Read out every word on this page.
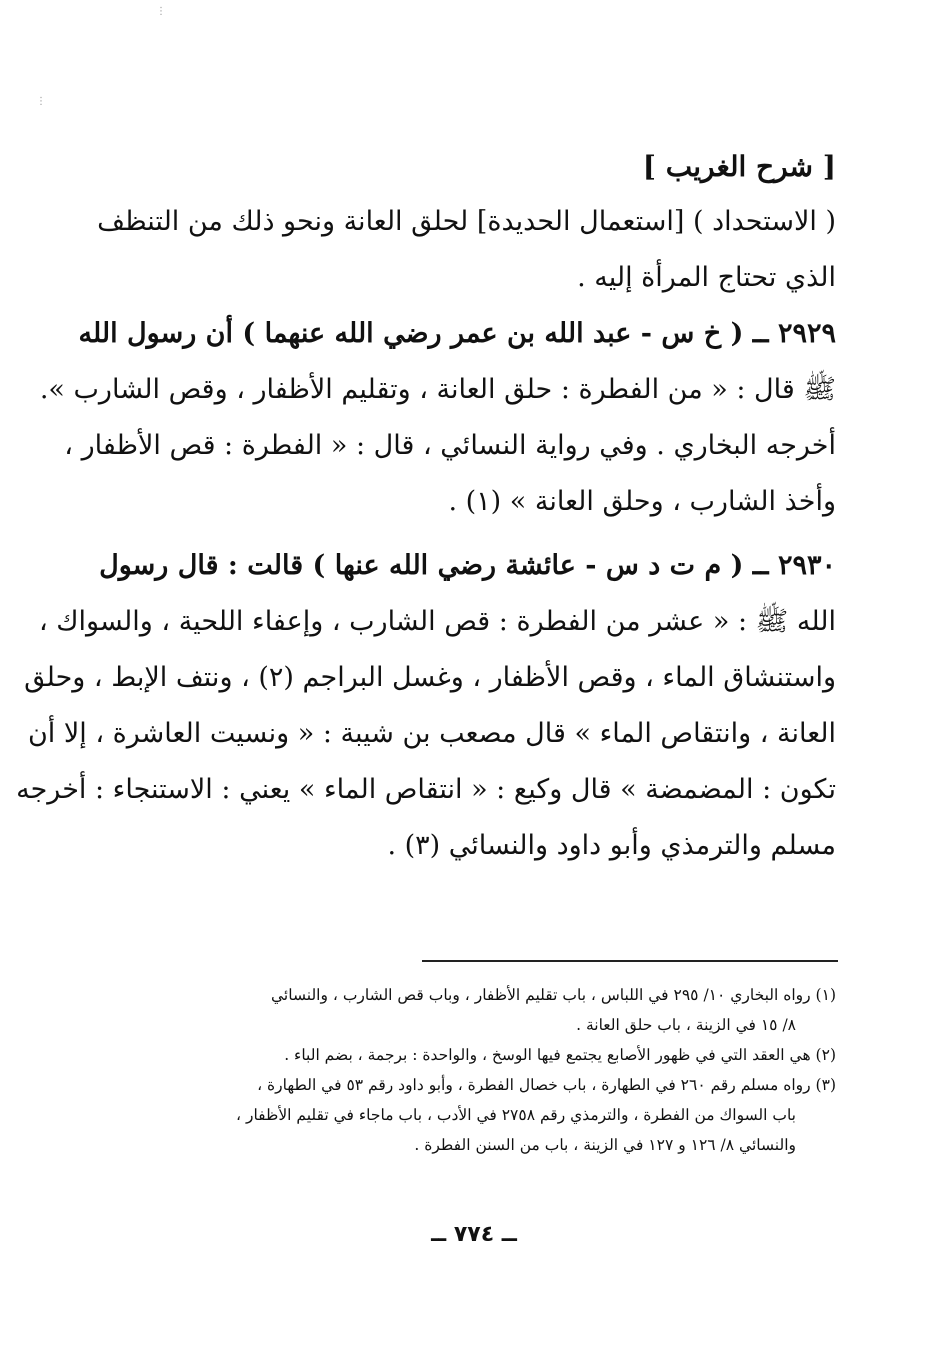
⋮
⋮
[ شرح الغريب ]
( الاستحداد ) [استعمال الحديدة] لحلق العانة ونحو ذلك من التنظف
الذي تحتاج المرأة إليه .
٢٩٢٩ ــ ( خ س - عبد الله بن عمر رضي الله عنهما ) أن رسول الله
ﷺ قال : « من الفطرة : حلق العانة ، وتقليم الأظفار ، وقص الشارب ».
أخرجه البخاري . وفي رواية النسائي ، قال : « الفطرة : قص الأظفار ،
وأخذ الشارب ، وحلق العانة » (١) .
٢٩٣٠ ــ ( م ت د س - عائشة رضي الله عنها ) قالت : قال رسول
الله ﷺ : « عشر من الفطرة : قص الشارب ، وإعفاء اللحية ، والسواك ،
واستنشاق الماء ، وقص الأظفار ، وغسل البراجم (٢) ، ونتف الإبط ، وحلق
العانة ، وانتقاص الماء » قال مصعب بن شيبة : « ونسيت العاشرة ، إلا أن
تكون : المضمضة » قال وكيع : « انتقاص الماء » يعني : الاستنجاء : أخرجه
مسلم والترمذي وأبو داود والنسائي (٣) .
(١) رواه البخاري ١٠/ ٢٩٥ في اللباس ، باب تقليم الأظفار ، وباب قص الشارب ، والنسائي
٨/ ١٥ في الزينة ، باب حلق العانة .
(٢) هي العقد التي في ظهور الأصابع يجتمع فيها الوسخ ، والواحدة : برجمة ، بضم الباء .
(٣) رواه مسلم رقم ٢٦٠ في الطهارة ، باب خصال الفطرة ، وأبو داود رقم ٥٣ في الطهارة ،
باب السواك من الفطرة ، والترمذي رقم ٢٧٥٨ في الأدب ، باب ماجاء في تقليم الأظفار ،
والنسائي ٨/ ١٢٦ و ١٢٧ في الزينة ، باب من السنن الفطرة .
ــ ٧٧٤ ــ
